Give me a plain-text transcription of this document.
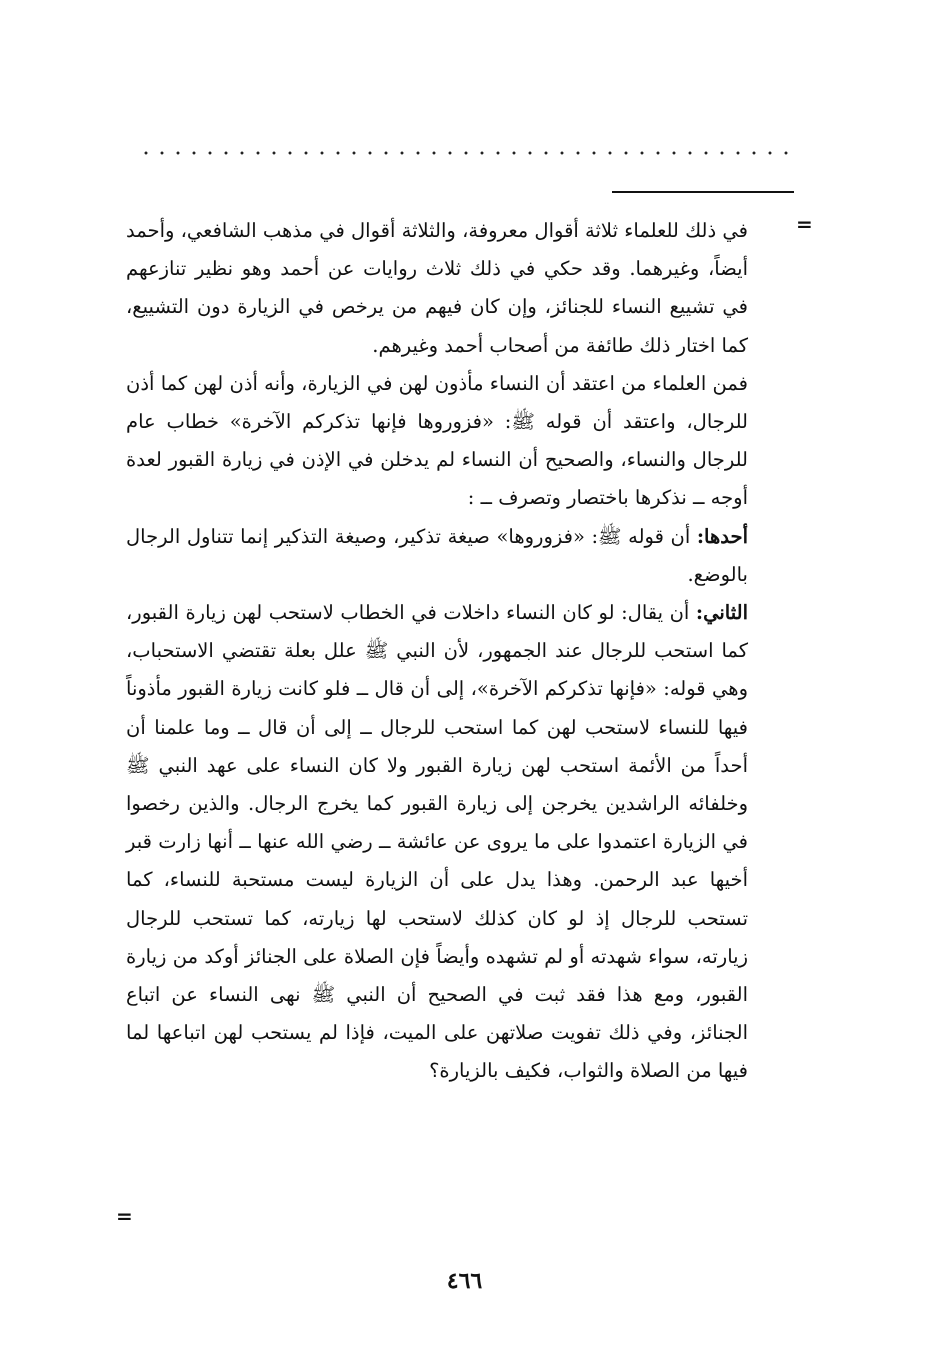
=

في ذلك للعلماء ثلاثة أقوال معروفة، والثلاثة أقوال في مذهب الشافعي، وأحمد أيضاً، وغيرهما. وقد حكي في ذلك ثلاث روايات عن أحمد وهو نظير تنازعهم في تشييع النساء للجنائز، وإن كان فيهم من يرخص في الزيارة دون التشييع، كما اختار ذلك طائفة من أصحاب أحمد وغيرهم.

فمن العلماء من اعتقد أن النساء مأذون لهن في الزيارة، وأنه أذن لهن كما أذن للرجال، واعتقد أن قوله ﷺ: «فزوروها فإنها تذكركم الآخرة» خطاب عام للرجال والنساء، والصحيح أن النساء لم يدخلن في الإذن في زيارة القبور لعدة أوجه ــ نذكرها باختصار وتصرف ــ :

أحدها: أن قوله ﷺ: «فزوروها» صيغة تذكير، وصيغة التذكير إنما تتناول الرجال بالوضع.

الثاني: أن يقال: لو كان النساء داخلات في الخطاب لاستحب لهن زيارة القبور، كما استحب للرجال عند الجمهور، لأن النبي ﷺ علل بعلة تقتضي الاستحباب، وهي قوله: «فإنها تذكركم الآخرة»، إلى أن قال ــ فلو كانت زيارة القبور مأذوناً فيها للنساء لاستحب لهن كما استحب للرجال ــ إلى أن قال ــ وما علمنا أن أحداً من الأئمة استحب لهن زيارة القبور ولا كان النساء على عهد النبي ﷺ وخلفائه الراشدين يخرجن إلى زيارة القبور كما يخرج الرجال. والذين رخصوا في الزيارة اعتمدوا على ما يروى عن عائشة ــ رضي الله عنها ــ أنها زارت قبر أخيها عبد الرحمن. وهذا يدل على أن الزيارة ليست مستحبة للنساء، كما تستحب للرجال إذ لو كان كذلك لاستحب لها زيارته، كما تستحب للرجال زيارته، سواء شهدته أو لم تشهده وأيضاً فإن الصلاة على الجنائز أوكد من زيارة القبور، ومع هذا فقد ثبت في الصحيح أن النبي ﷺ نهى النساء عن اتباع الجنائز، وفي ذلك تفويت صلاتهن على الميت، فإذا لم يستحب لهن اتباعها لما فيها من الصلاة والثواب، فكيف بالزيارة؟

=
٤٦٦
